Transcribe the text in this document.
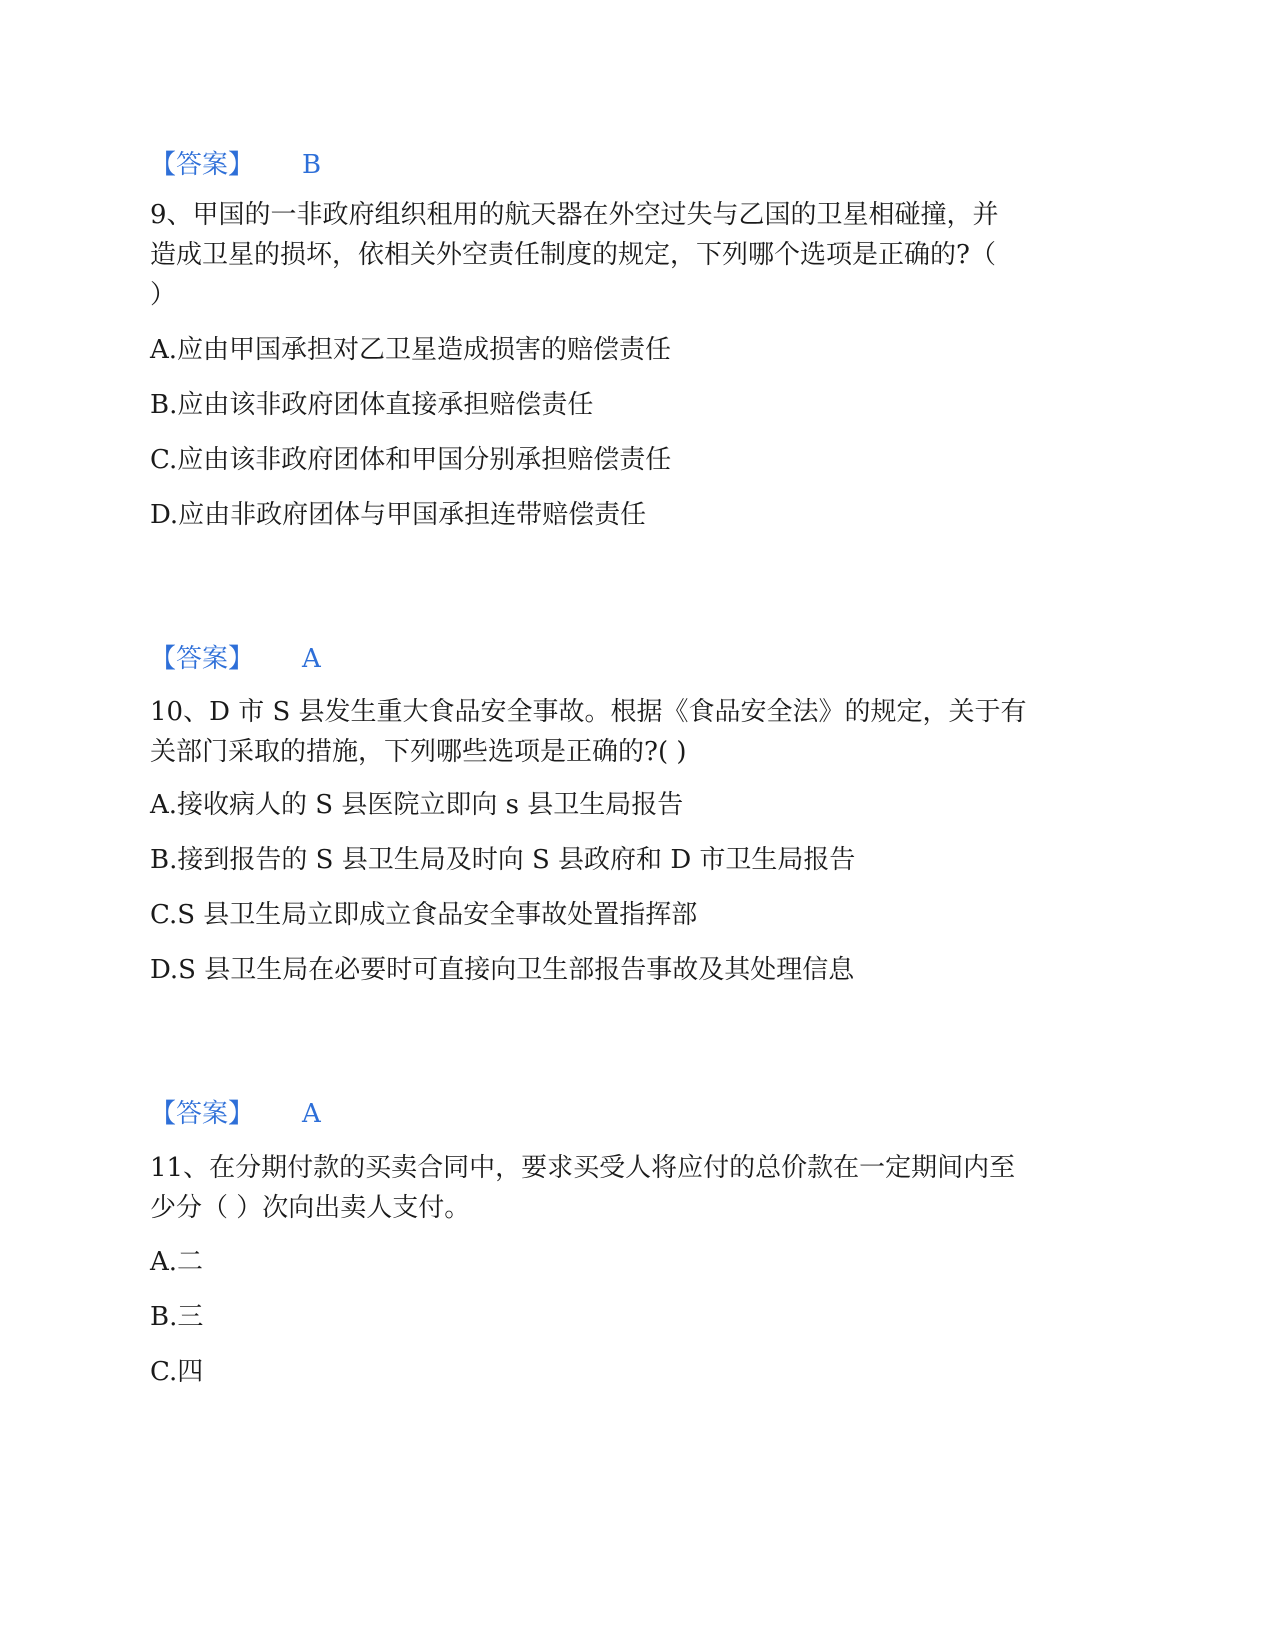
【答案】 B

9、甲国的一非政府组织租用的航天器在外空过失与乙国的卫星相碰撞，并

造成卫星的损坏，依相关外空责任制度的规定，下列哪个选项是正确的?（

）

A.应由甲国承担对乙卫星造成损害的赔偿责任

B.应由该非政府团体直接承担赔偿责任

C.应由该非政府团体和甲国分别承担赔偿责任

D.应由非政府团体与甲国承担连带赔偿责任

【答案】 A

10、D 市 S 县发生重大食品安全事故。根据《食品安全法》的规定，关于有

关部门采取的措施，下列哪些选项是正确的?( )

A.接收病人的 S 县医院立即向 s 县卫生局报告

B.接到报告的 S 县卫生局及时向 S 县政府和 D 市卫生局报告

C.S 县卫生局立即成立食品安全事故处置指挥部

D.S 县卫生局在必要时可直接向卫生部报告事故及其处理信息

【答案】 A

11、在分期付款的买卖合同中，要求买受人将应付的总价款在一定期间内至

少分（ ）次向出卖人支付。

A.二

B.三

C.四
